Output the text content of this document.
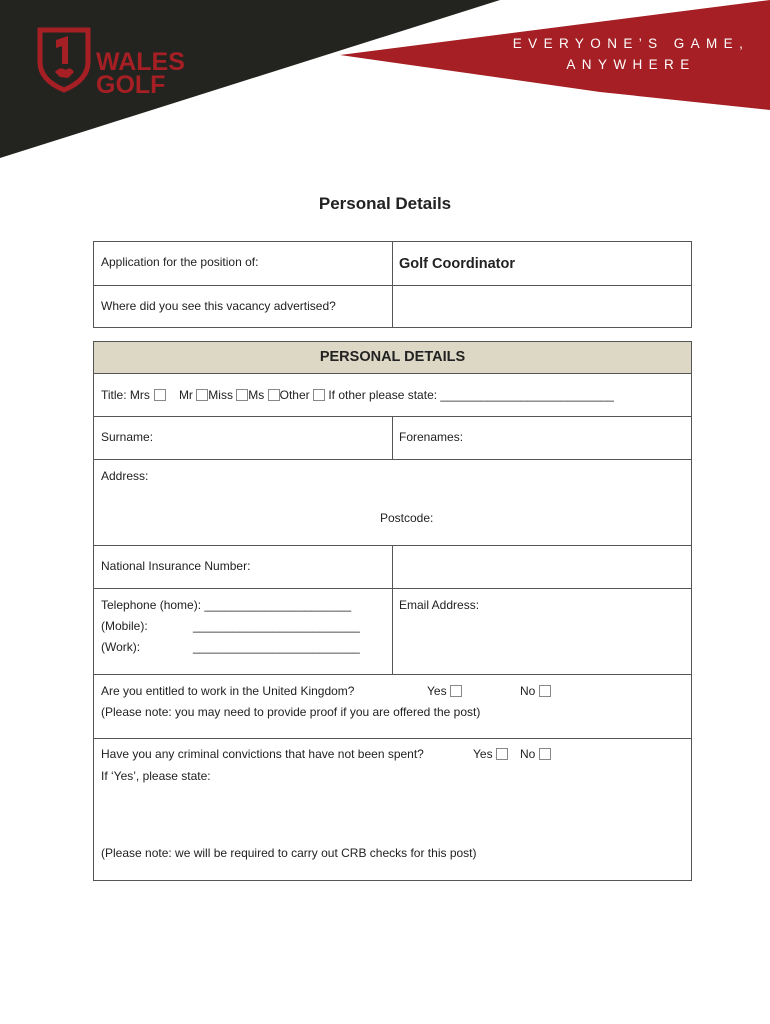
WALES
GOLF
EVERYONE’S GAME,
ANYWHERE
Personal Details
Application for the position of:	Golf Coordinator
Where did you see this vacancy advertised?
PERSONAL DETAILS
Title: Mrs Mr Miss Ms Other If other please state: __________________________
Surname:	Forenames:
Address:
Postcode:
National Insurance Number:
Telephone (home): ______________________
(Mobile):	_________________________
(Work):	_________________________
Email Address:
Are you entitled to work in the United Kingdom?	Yes	No
(Please note: you may need to provide proof if you are offered the post)
Have you any criminal convictions that have not been spent?	Yes	No
If ‘Yes’, please state:
(Please note: we will be required to carry out CRB checks for this post)
